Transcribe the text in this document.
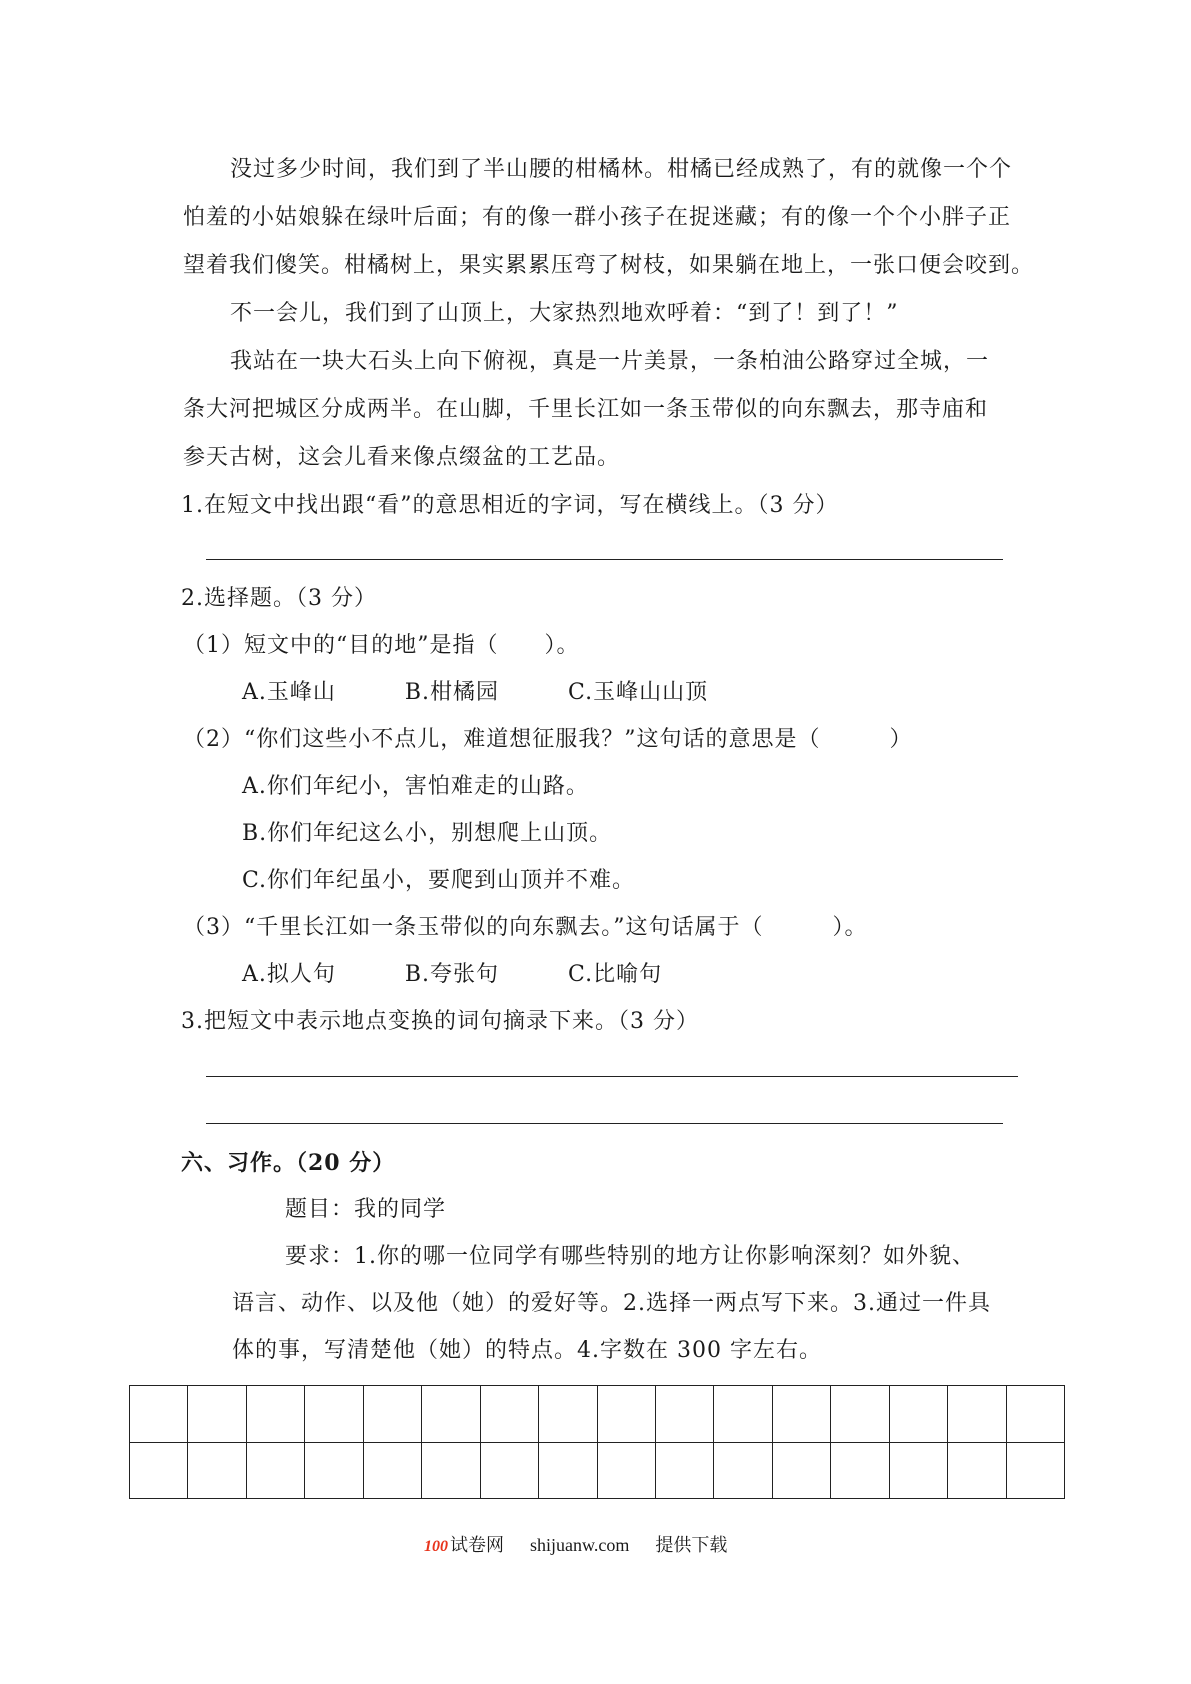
没过多少时间，我们到了半山腰的柑橘林。柑橘已经成熟了，有的就像一个个
怕羞的小姑娘躲在绿叶后面；有的像一群小孩子在捉迷藏；有的像一个个小胖子正
望着我们傻笑。柑橘树上，果实累累压弯了树枝，如果躺在地上，一张口便会咬到。
不一会儿，我们到了山顶上，大家热烈地欢呼着：“到了！到了！”
我站在一块大石头上向下俯视，真是一片美景，一条柏油公路穿过全城，一
条大河把城区分成两半。在山脚，千里长江如一条玉带似的向东飘去，那寺庙和
参天古树，这会儿看来像点缀盆的工艺品。
1.在短文中找出跟“看”的意思相近的字词，写在横线上。（3 分）
2.选择题。（3 分）
（1）短文中的“目的地”是指（　　）。
A.玉峰山　　　B.柑橘园　　　C.玉峰山山顶
（2）“你们这些小不点儿，难道想征服我？”这句话的意思是（　　　）
A.你们年纪小，害怕难走的山路。
B.你们年纪这么小，别想爬上山顶。
C.你们年纪虽小，要爬到山顶并不难。
（3）“千里长江如一条玉带似的向东飘去。”这句话属于（　　　）。
A.拟人句　　　B.夸张句　　　C.比喻句
3.把短文中表示地点变换的词句摘录下来。（3 分）
六、习作。（20 分）
题目：我的同学
要求：1.你的哪一位同学有哪些特别的地方让你影响深刻？如外貌、
语言、动作、以及他（她）的爱好等。2.选择一两点写下来。3.通过一件具
体的事，写清楚他（她）的特点。4.字数在 300 字左右。

100 试卷网 shijuanw.com 提供下载
